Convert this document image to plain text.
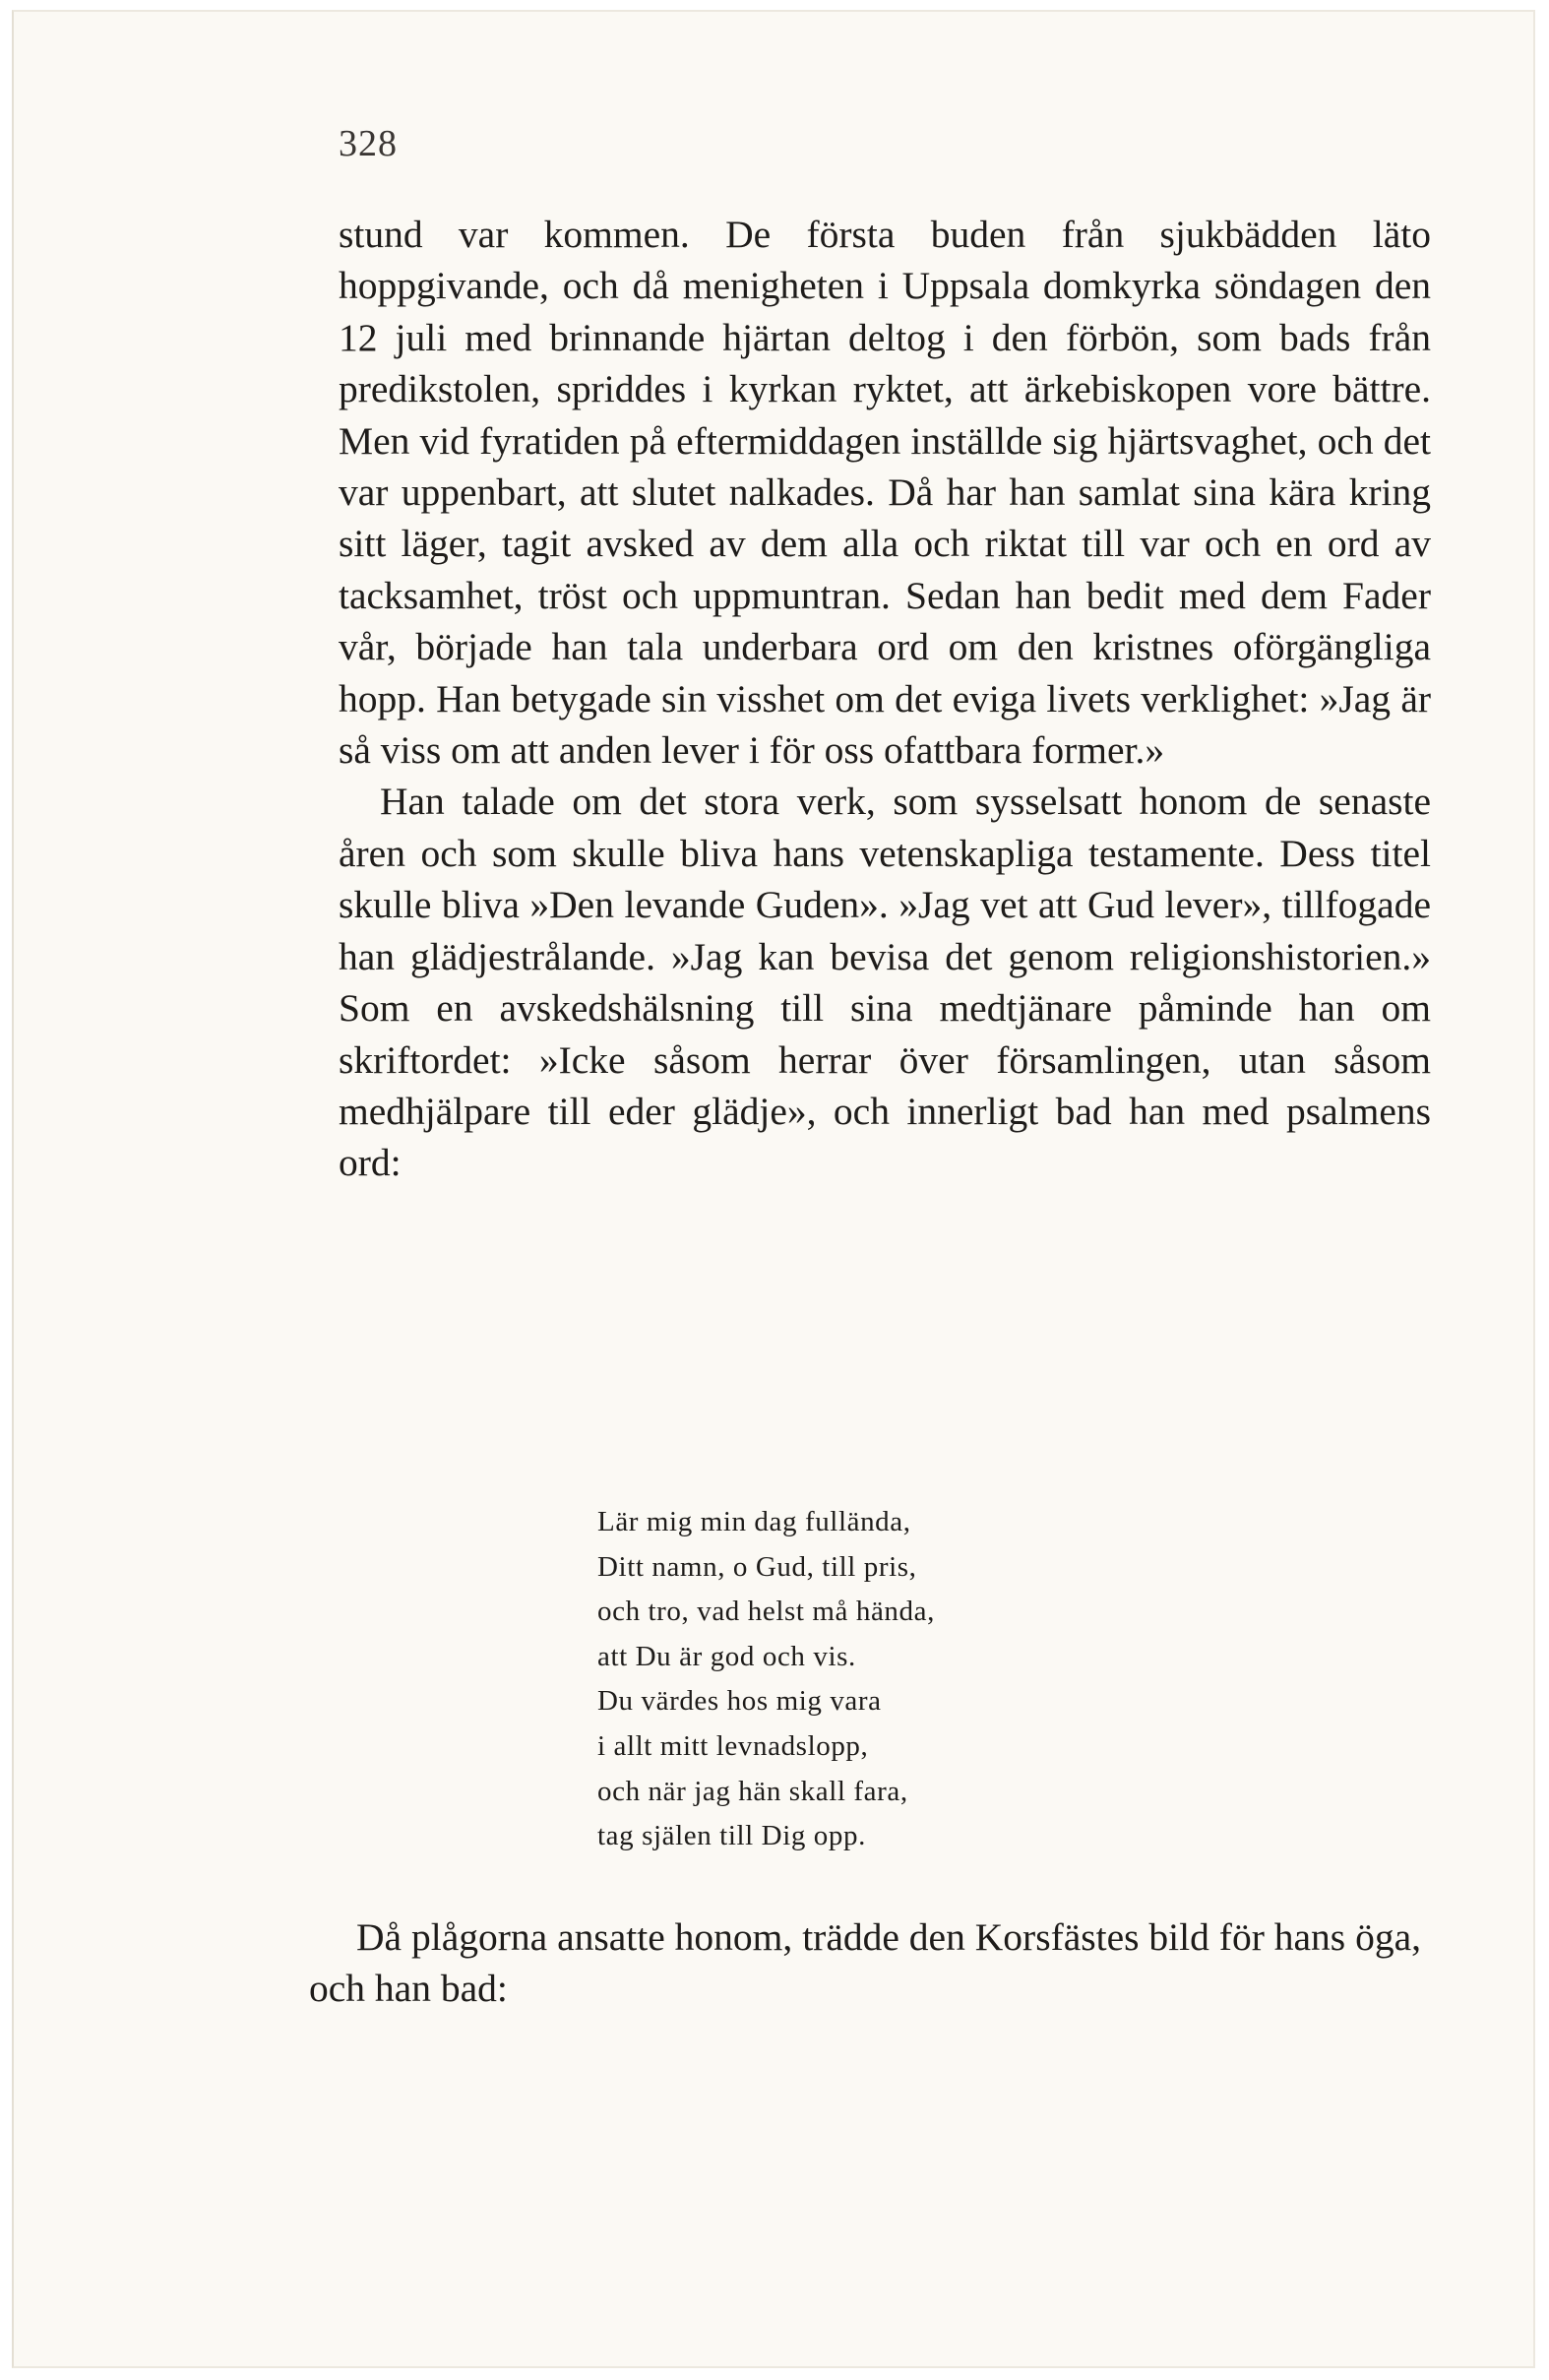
328

stund var kommen. De första buden från sjukbädden läto hoppgivande, och då menigheten i Uppsala domkyrka söndagen den 12 juli med brinnande hjärtan deltog i den förbön, som bads från predikstolen, spriddes i kyrkan ryktet, att ärkebiskopen vore bättre. Men vid fyratiden på eftermiddagen inställde sig hjärtsvaghet, och det var uppenbart, att slutet nalkades. Då har han samlat sina kära kring sitt läger, tagit avsked av dem alla och riktat till var och en ord av tacksamhet, tröst och uppmuntran. Sedan han bedit med dem Fader vår, började han tala underbara ord om den kristnes oförgängliga hopp. Han betygade sin visshet om det eviga livets verklighet: »Jag är så viss om att anden lever i för oss ofattbara former.»

Han talade om det stora verk, som sysselsatt honom de senaste åren och som skulle bliva hans vetenskapliga testamente. Dess titel skulle bliva »Den levande Guden». »Jag vet att Gud lever», tillfogade han glädjestrålande. »Jag kan bevisa det genom religionshistorien.» Som en avskedshälsning till sina medtjänare påminde han om skriftordet: »Icke såsom herrar över församlingen, utan såsom medhjälpare till eder glädje», och innerligt bad han med psalmens ord:

Lär mig min dag fulländа,
Ditt namn, o Gud, till pris,
och tro, vad helst må hända,
att Du är god och vis.
Du värdes hos mig vara
i allt mitt levnadslopp,
och när jag hän skall fara,
tag själen till Dig opp.

Då plågorna ansatte honom, trädde den Korsfästes bild för hans öga, och han bad:
